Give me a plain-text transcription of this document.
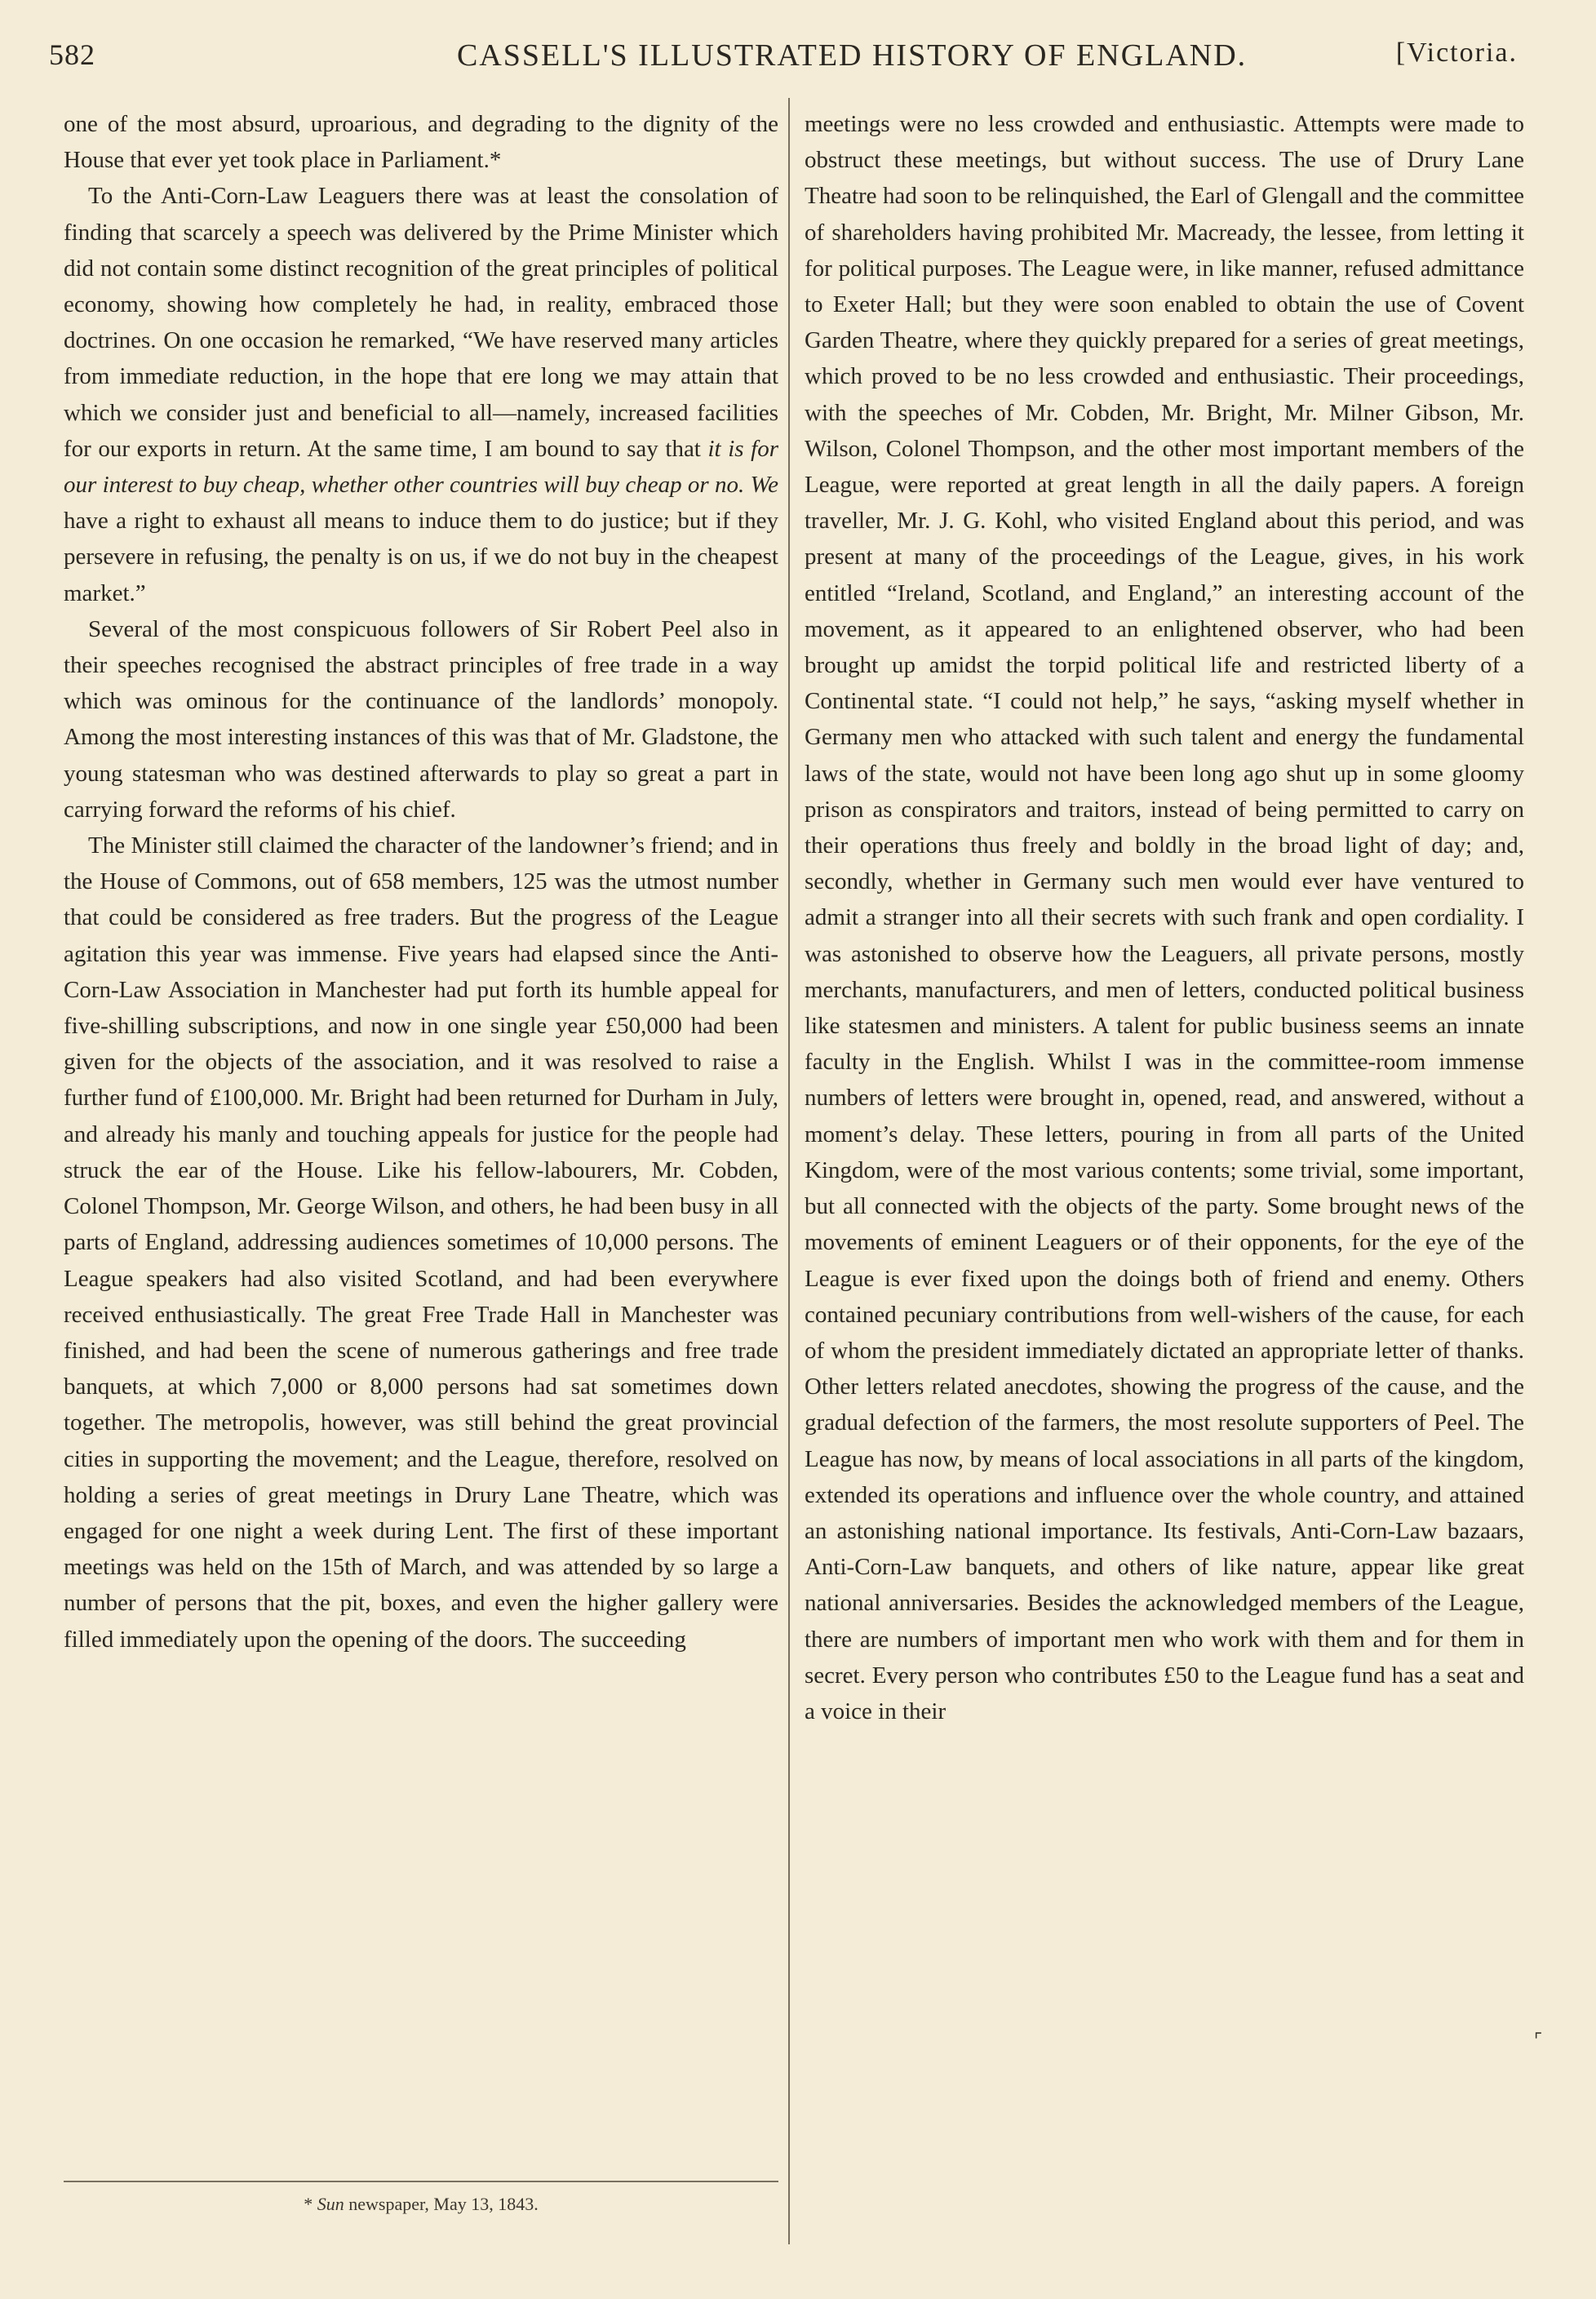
582	CASSELL'S ILLUSTRATED HISTORY OF ENGLAND.	[Victoria.

one of the most absurd, uproarious, and degrading to the dignity of the House that ever yet took place in Parliament.*

To the Anti-Corn-Law Leaguers there was at least the consolation of finding that scarcely a speech was delivered by the Prime Minister which did not contain some distinct recognition of the great principles of political economy, showing how completely he had, in reality, embraced those doctrines. On one occasion he remarked, “We have reserved many articles from immediate reduction, in the hope that ere long we may attain that which we consider just and beneficial to all—namely, increased facilities for our exports in return. At the same time, I am bound to say that it is for our interest to buy cheap, whether other countries will buy cheap or no. We have a right to exhaust all means to induce them to do justice; but if they persevere in refusing, the penalty is on us, if we do not buy in the cheapest market.”

Several of the most conspicuous followers of Sir Robert Peel also in their speeches recognised the abstract principles of free trade in a way which was ominous for the continuance of the landlords’ monopoly. Among the most interesting instances of this was that of Mr. Gladstone, the young statesman who was destined afterwards to play so great a part in carrying forward the reforms of his chief.

The Minister still claimed the character of the landowner’s friend; and in the House of Commons, out of 658 members, 125 was the utmost number that could be considered as free traders. But the progress of the League agitation this year was immense. Five years had elapsed since the Anti-Corn-Law Association in Manchester had put forth its humble appeal for five-shilling subscriptions, and now in one single year £50,000 had been given for the objects of the association, and it was resolved to raise a further fund of £100,000. Mr. Bright had been returned for Durham in July, and already his manly and touching appeals for justice for the people had struck the ear of the House. Like his fellow-labourers, Mr. Cobden, Colonel Thompson, Mr. George Wilson, and others, he had been busy in all parts of England, addressing audiences sometimes of 10,000 persons. The League speakers had also visited Scotland, and had been everywhere received enthusiastically. The great Free Trade Hall in Manchester was finished, and had been the scene of numerous gatherings and free trade banquets, at which 7,000 or 8,000 persons had sat sometimes down together. The metropolis, however, was still behind the great provincial cities in supporting the movement; and the League, therefore, resolved on holding a series of great meetings in Drury Lane Theatre, which was engaged for one night a week during Lent. The first of these important meetings was held on the 15th of March, and was attended by so large a number of persons that the pit, boxes, and even the higher gallery were filled immediately upon the opening of the doors. The succeeding

* Sun newspaper, May 13, 1843.

meetings were no less crowded and enthusiastic. Attempts were made to obstruct these meetings, but without success. The use of Drury Lane Theatre had soon to be relinquished, the Earl of Glengall and the committee of shareholders having prohibited Mr. Macready, the lessee, from letting it for political purposes. The League were, in like manner, refused admittance to Exeter Hall; but they were soon enabled to obtain the use of Covent Garden Theatre, where they quickly prepared for a series of great meetings, which proved to be no less crowded and enthusiastic. Their proceedings, with the speeches of Mr. Cobden, Mr. Bright, Mr. Milner Gibson, Mr. Wilson, Colonel Thompson, and the other most important members of the League, were reported at great length in all the daily papers. A foreign traveller, Mr. J. G. Kohl, who visited England about this period, and was present at many of the proceedings of the League, gives, in his work entitled “Ireland, Scotland, and England,” an interesting account of the movement, as it appeared to an enlightened observer, who had been brought up amidst the torpid political life and restricted liberty of a Continental state. “I could not help,” he says, “asking myself whether in Germany men who attacked with such talent and energy the fundamental laws of the state, would not have been long ago shut up in some gloomy prison as conspirators and traitors, instead of being permitted to carry on their operations thus freely and boldly in the broad light of day; and, secondly, whether in Germany such men would ever have ventured to admit a stranger into all their secrets with such frank and open cordiality. I was astonished to observe how the Leaguers, all private persons, mostly merchants, manufacturers, and men of letters, conducted political business like statesmen and ministers. A talent for public business seems an innate faculty in the English. Whilst I was in the committee-room immense numbers of letters were brought in, opened, read, and answered, without a moment’s delay. These letters, pouring in from all parts of the United Kingdom, were of the most various contents; some trivial, some important, but all connected with the objects of the party. Some brought news of the movements of eminent Leaguers or of their opponents, for the eye of the League is ever fixed upon the doings both of friend and enemy. Others contained pecuniary contributions from well-wishers of the cause, for each of whom the president immediately dictated an appropriate letter of thanks. Other letters related anecdotes, showing the progress of the cause, and the gradual defection of the farmers, the most resolute supporters of Peel. The League has now, by means of local associations in all parts of the kingdom, extended its operations and influence over the whole country, and attained an astonishing national importance. Its festivals, Anti-Corn-Law bazaars, Anti-Corn-Law banquets, and others of like nature, appear like great national anniversaries. Besides the acknowledged members of the League, there are numbers of important men who work with them and for them in secret. Every person who contributes £50 to the League fund has a seat and a voice in their

⌜
